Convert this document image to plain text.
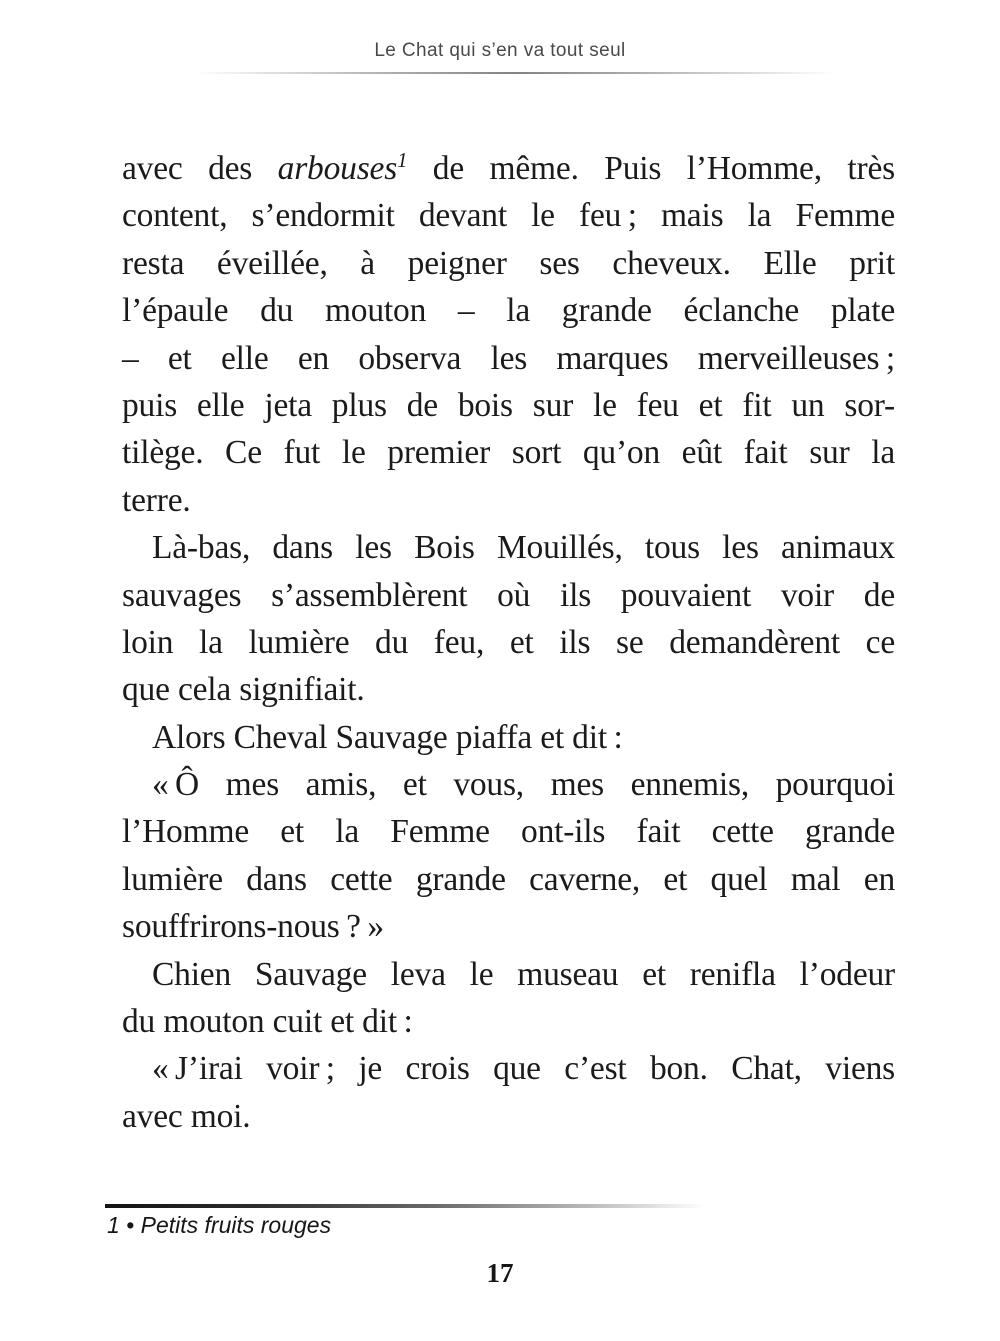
Le Chat qui s’en va tout seul
avec des arbouses$^1$ de même. Puis l’Homme, très
content, s’endormit devant le feu ; mais la Femme
resta éveillée, à peigner ses cheveux. Elle prit
l’épaule du mouton – la grande éclanche plate
– et elle en observa les marques merveilleuses ;
puis elle jeta plus de bois sur le feu et fit un sor-
tilège. Ce fut le premier sort qu’on eût fait sur la
terre.
Là-bas, dans les Bois Mouillés, tous les animaux
sauvages s’assemblèrent où ils pouvaient voir de
loin la lumière du feu, et ils se demandèrent ce
que cela signifiait.
Alors Cheval Sauvage piaffa et dit :
« Ô mes amis, et vous, mes ennemis, pourquoi
l’Homme et la Femme ont-ils fait cette grande
lumière dans cette grande caverne, et quel mal en
souffrirons-nous ? »
Chien Sauvage leva le museau et renifla l’odeur
du mouton cuit et dit :
« J’irai voir ; je crois que c’est bon. Chat, viens
avec moi.
1 • Petits fruits rouges
17
